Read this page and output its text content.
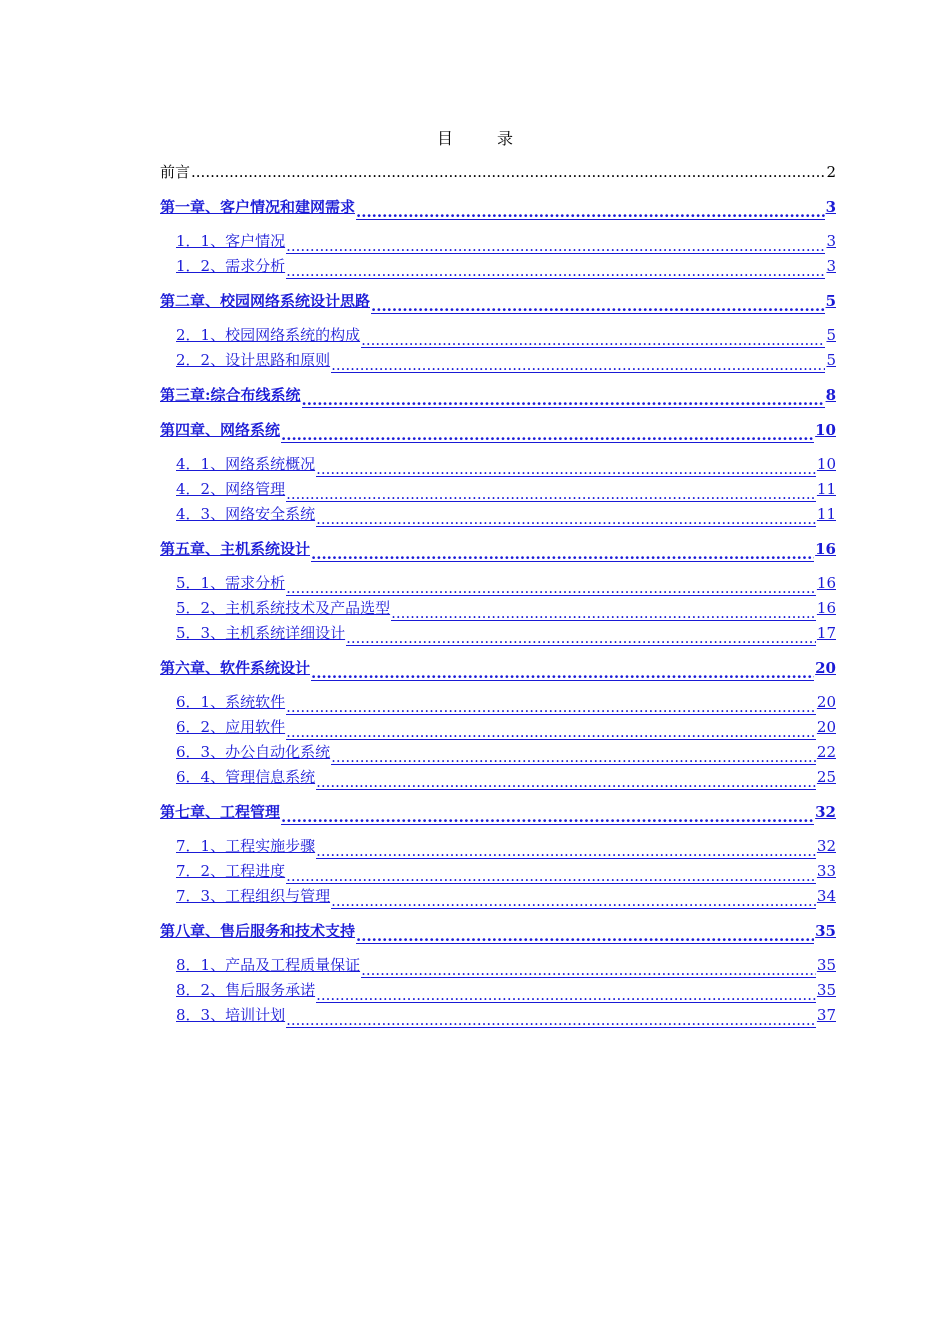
目　录
前言 .....	2
第一章、客户情况和建网需求 .....	3
1．1、客户情况 .....	3
1．2、需求分析 .....	3
第二章、校园网络系统设计思路 .....	5
2．1、校园网络系统的构成 .....	5
2．2、设计思路和原则 .....	5
第三章:综合布线系统 .....	8
第四章、网络系统 .....	10
4．1、网络系统概况 .....	10
4．2、网络管理 .....	11
4．3、网络安全系统 .....	11
第五章、主机系统设计 .....	16
5．1、需求分析 .....	16
5．2、主机系统技术及产品选型 .....	16
5．3、主机系统详细设计 .....	17
第六章、软件系统设计 .....	20
6．1、系统软件 .....	20
6．2、应用软件 .....	20
6．3、办公自动化系统 .....	22
6．4、管理信息系统 .....	25
第七章、工程管理 .....	32
7．1、工程实施步骤 .....	32
7．2、工程进度 .....	33
7．3、工程组织与管理 .....	34
第八章、售后服务和技术支持 .....	35
8．1、产品及工程质量保证 .....	35
8．2、售后服务承诺 .....	35
8．3、培训计划 .....	37
